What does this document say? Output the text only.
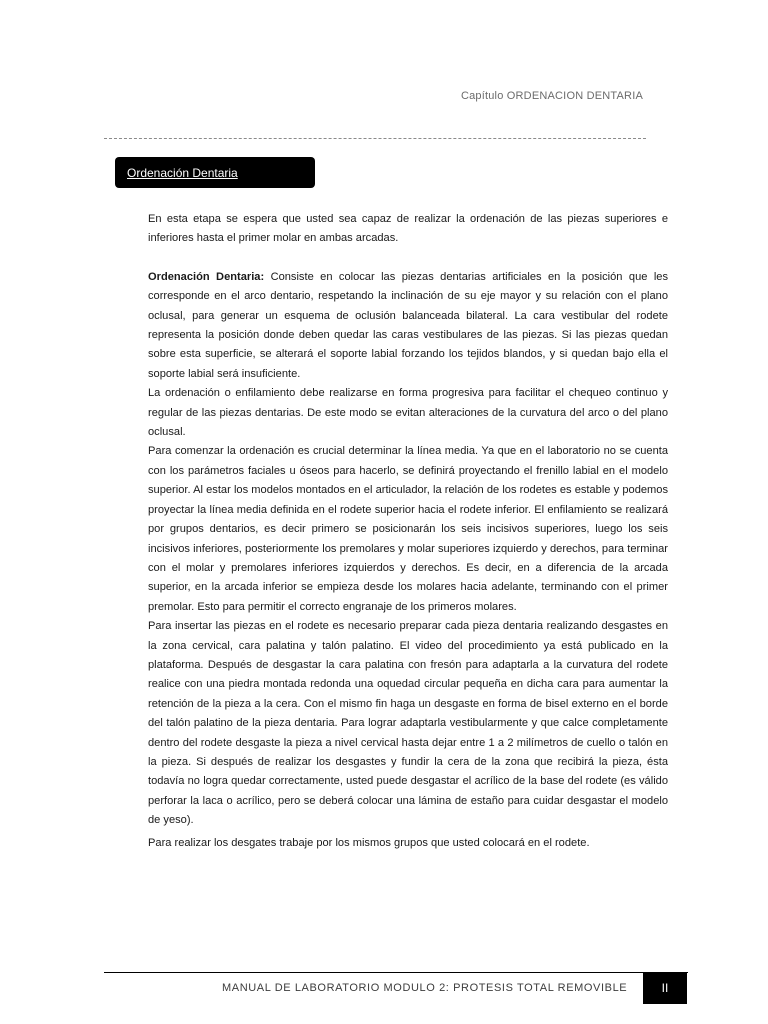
Capítulo ORDENACION DENTARIA
Ordenación Dentaria

En esta etapa se espera que usted sea capaz de realizar la ordenación de las piezas superiores e inferiores hasta el primer molar en ambas arcadas.

Ordenación Dentaria: Consiste en colocar las piezas dentarias artificiales en la posición que les corresponde en el arco dentario, respetando la inclinación de su eje mayor y su relación con el plano oclusal, para generar un esquema de oclusión balanceada bilateral. La cara vestibular del rodete representa la posición donde deben quedar las caras vestibulares de las piezas. Si las piezas quedan sobre esta superficie, se alterará el soporte labial forzando los tejidos blandos, y si quedan bajo ella el soporte labial será insuficiente.

La ordenación o enfilamiento debe realizarse en forma progresiva para facilitar el chequeo continuo y regular de las piezas dentarias. De este modo se evitan alteraciones de la curvatura del arco o del plano oclusal.

Para comenzar la ordenación es crucial determinar la línea media. Ya que en el laboratorio no se cuenta con los parámetros faciales u óseos para hacerlo, se definirá proyectando el frenillo labial en el modelo superior. Al estar los modelos montados en el articulador, la relación de los rodetes es estable y podemos proyectar la línea media definida en el rodete superior hacia el rodete inferior. El enfilamiento se realizará por grupos dentarios, es decir primero se posicionarán los seis incisivos superiores, luego los seis incisivos inferiores, posteriormente los premolares y molar superiores izquierdo y derechos, para terminar con el molar y premolares inferiores izquierdos y derechos. Es decir, en a diferencia de la arcada superior, en la arcada inferior se empieza desde los molares hacia adelante, terminando con el primer premolar. Esto para permitir el correcto engranaje de los primeros molares.

Para insertar las piezas en el rodete es necesario preparar cada pieza dentaria realizando desgastes en la zona cervical, cara palatina y talón palatino. El video del procedimiento ya está publicado en la plataforma. Después de desgastar la cara palatina con fresón para adaptarla a la curvatura del rodete realice con una piedra montada redonda una oquedad circular pequeña en dicha cara para aumentar la retención de la pieza a la cera. Con el mismo fin haga un desgaste en forma de bisel externo en el borde del talón palatino de la pieza dentaria. Para lograr adaptarla vestibularmente y que calce completamente dentro del rodete desgaste la pieza a nivel cervical hasta dejar entre 1 a 2 milímetros de cuello o talón en la pieza. Si después de realizar los desgastes y fundir la cera de la zona que recibirá la pieza, ésta todavía no logra quedar correctamente, usted puede desgastar el acrílico de la base del rodete (es válido perforar la laca o acrílico, pero se deberá colocar una lámina de estaño para cuidar desgastar el modelo de yeso).

Para realizar los desgates trabaje por los mismos grupos que usted colocará en el rodete.

MANUAL DE LABORATORIO MODULO 2: PROTESIS TOTAL REMOVIBLE	II
